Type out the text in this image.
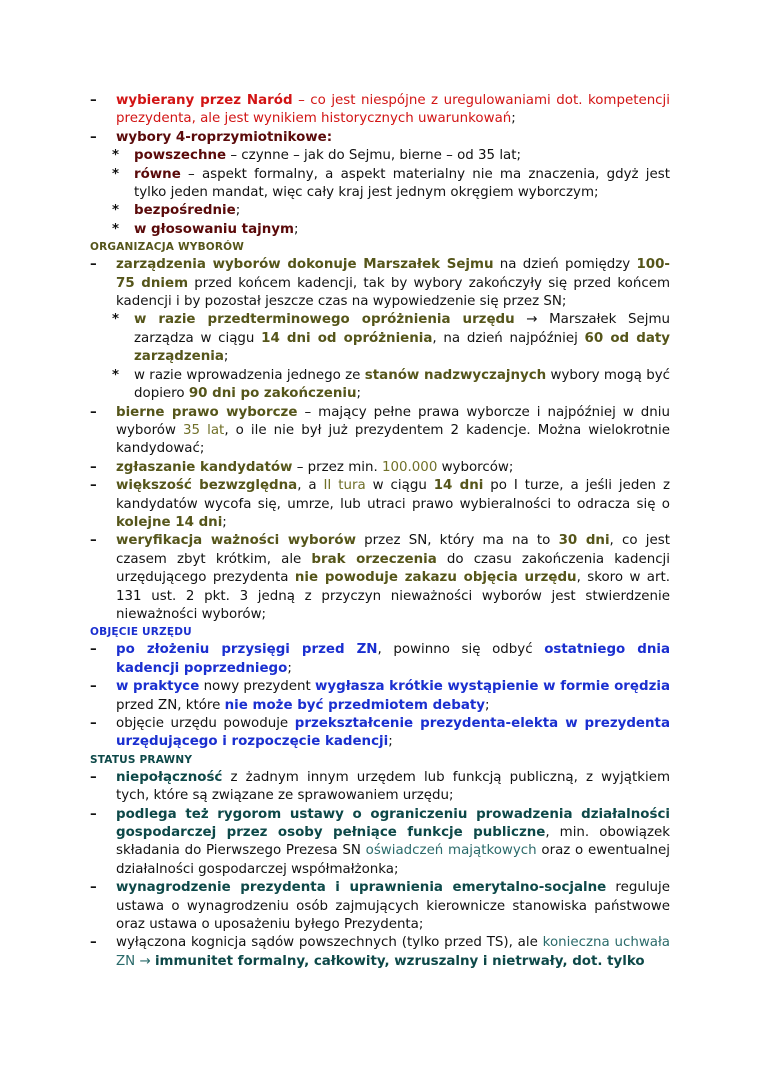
– wybierany przez Naród – co jest niespójne z uregulowaniami dot. kompetencji prezydenta, ale jest wynikiem historycznych uwarunkowań;
– wybory 4-roprzymiotnikowe:
* powszechne – czynne – jak do Sejmu, bierne – od 35 lat;
* równe – aspekt formalny, a aspekt materialny nie ma znaczenia, gdyż jest tylko jeden mandat, więc cały kraj jest jednym okręgiem wyborczym;
* bezpośrednie;
* w głosowaniu tajnym;
ORGANIZACJA WYBORÓW
– zarządzenia wyborów dokonuje Marszałek Sejmu na dzień pomiędzy 100-75 dniem przed końcem kadencji, tak by wybory zakończyły się przed końcem kadencji i by pozostał jeszcze czas na wypowiedzenie się przez SN;
* w razie przedterminowego opróżnienia urzędu → Marszałek Sejmu zarządza w ciągu 14 dni od opróżnienia, na dzień najpóźniej 60 od daty zarządzenia;
* w razie wprowadzenia jednego ze stanów nadzwyczajnych wybory mogą być dopiero 90 dni po zakończeniu;
– bierne prawo wyborcze – mający pełne prawa wyborcze i najpóźniej w dniu wyborów 35 lat, o ile nie był już prezydentem 2 kadencje. Można wielokrotnie kandydować;
– zgłaszanie kandydatów – przez min. 100.000 wyborców;
– większość bezwzględna, a II tura w ciągu 14 dni po I turze, a jeśli jeden z kandydatów wycofa się, umrze, lub utraci prawo wybieralności to odracza się o kolejne 14 dni;
– weryfikacja ważności wyborów przez SN, który ma na to 30 dni, co jest czasem zbyt krótkim, ale brak orzeczenia do czasu zakończenia kadencji urzędującego prezydenta nie powoduje zakazu objęcia urzędu, skoro w art. 131 ust. 2 pkt. 3 jedną z przyczyn nieważności wyborów jest stwierdzenie nieważności wyborów;
OBJĘCIE URZĘDU
– po złożeniu przysięgi przed ZN, powinno się odbyć ostatniego dnia kadencji poprzedniego;
– w praktyce nowy prezydent wygłasza krótkie wystąpienie w formie orędzia przed ZN, które nie może być przedmiotem debaty;
– objęcie urzędu powoduje przekształcenie prezydenta-elekta w prezydenta urzędującego i rozpoczęcie kadencji;
STATUS PRAWNY
– niepołączność z żadnym innym urzędem lub funkcją publiczną, z wyjątkiem tych, które są związane ze sprawowaniem urzędu;
– podlega też rygorom ustawy o ograniczeniu prowadzenia działalności gospodarczej przez osoby pełniące funkcje publiczne, min. obowiązek składania do Pierwszego Prezesa SN oświadczeń majątkowych oraz o ewentualnej działalności gospodarczej współmałżonka;
– wynagrodzenie prezydenta i uprawnienia emerytalno-socjalne reguluje ustawa o wynagrodzeniu osób zajmujących kierownicze stanowiska państwowe oraz ustawa o uposażeniu byłego Prezydenta;
– wyłączona kognicja sądów powszechnych (tylko przed TS), ale konieczna uchwała ZN → immunitet formalny, całkowity, wzruszalny i nietrwały, dot. tylko
